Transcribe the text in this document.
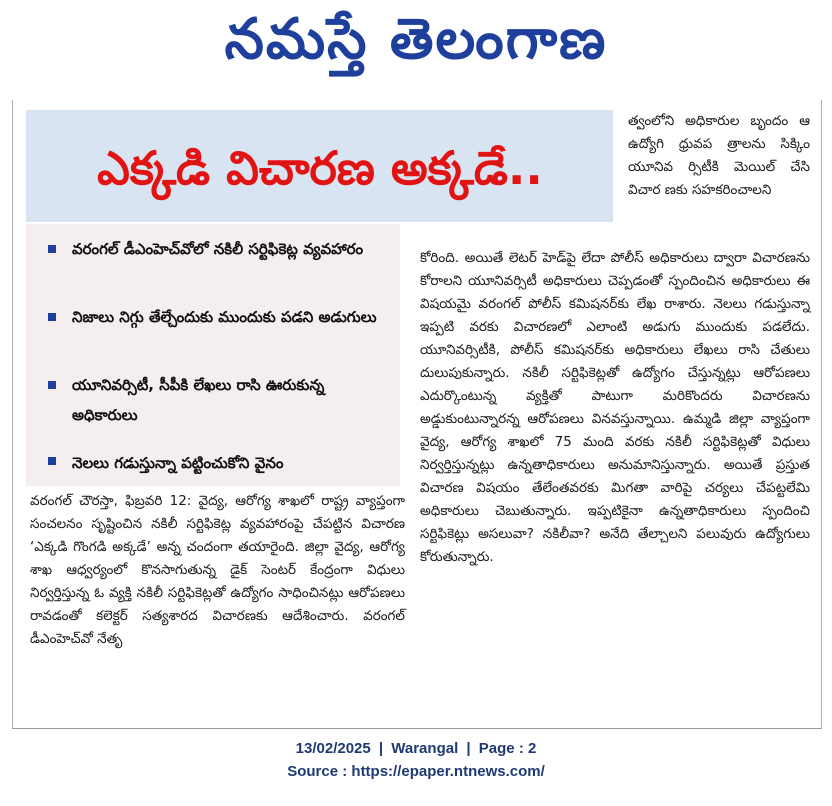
నమస్తే తెలంగాణ
ఎక్కడి విచారణ అక్కడే..
వరంగల్ డీఎంహెచ్‌వోలో నకిలీ సర్టిఫికెట్ల వ్యవహారం
నిజాలు నిగ్గు తేల్చేందుకు ముందుకు పడని అడుగులు
యూనివర్సిటీ, సీపీకి లేఖలు రాసి ఊరుకున్న అధికారులు
నెలలు గడుస్తున్నా పట్టించుకోని వైనం

త్వంలోని అధికారుల బృందం ఆ ఉద్యోగి ధ్రువప త్రాలను సిక్కిం యూనివ ర్సిటీకి మెయిల్ చేసి విచార ణకు సహకరించాలని

కోరింది. అయితే లెటర్ హెడ్‌పై లేదా పోలీస్ అధికారులు ద్వారా విచారణను కోరాలని యూనివర్సిటీ అధికారులు చెప్పడంతో స్పందించిన అధికారులు ఈ విషయమై వరంగల్ పోలీస్ కమిషనర్‌కు లేఖ రాశారు. నెలలు గడుస్తున్నా ఇప్పటి వరకు విచారణలో ఎలాంటి అడుగు ముందుకు పడలేదు. యూనివర్సిటీకి, పోలీస్ కమిషనర్‌కు అధికారులు లేఖలు రాసి చేతులు దులుపుకున్నారు. నకిలీ సర్టిఫికెట్లతో ఉద్యోగం చేస్తున్నట్లు ఆరోపణలు ఎదుర్కొంటున్న వ్యక్తితో పాటుగా మరికొందరు విచారణను అడ్డుకుంటున్నారన్న ఆరోపణలు వినవస్తున్నాయి. ఉమ్మడి జిల్లా వ్యాప్తంగా వైద్య, ఆరోగ్య శాఖలో 75 మంది వరకు నకిలీ సర్టిఫికెట్లతో విధులు నిర్వర్తిస్తున్నట్లు ఉన్నతాధికారులు అనుమానిస్తున్నారు. అయితే ప్రస్తుత విచారణ విషయం తేలేంతవరకు మిగతా వారిపై చర్యలు చేపట్టలేమి అధికారులు చెబుతున్నారు. ఇప్పటికైనా ఉన్నతాధికారులు స్పందించి సర్టిఫికెట్లు అసలువా? నకిలీవా? అనేది తేల్చాలని పలువురు ఉద్యోగులు కోరుతున్నారు.

వరంగల్ చౌరస్తా, ఫిబ్రవరి 12: వైద్య, ఆరోగ్య శాఖలో రాష్ట్ర వ్యాప్తంగా సంచలనం సృష్టించిన నకిలీ సర్టిఫికెట్ల వ్యవహారంపై చేపట్టిన విచారణ ‘ఎక్కడి గొంగడి అక్కడే’ అన్న చందంగా తయారైంది. జిల్లా వైద్య, ఆరోగ్య శాఖ ఆధ్వర్యంలో కొనసాగుతున్న డైక్ సెంటర్ కేంద్రంగా విధులు నిర్వర్తిస్తున్న ఓ వ్యక్తి నకిలీ సర్టిఫికెట్లతో ఉద్యోగం సాధించినట్లు ఆరోపణలు రావడంతో కలెక్టర్ సత్యశారద విచారణకు ఆదేశించారు. వరంగల్ డీఎంహెచ్‌వో నేతృ

13/02/2025 | Warangal | Page : 2
Source : https://epaper.ntnews.com/
